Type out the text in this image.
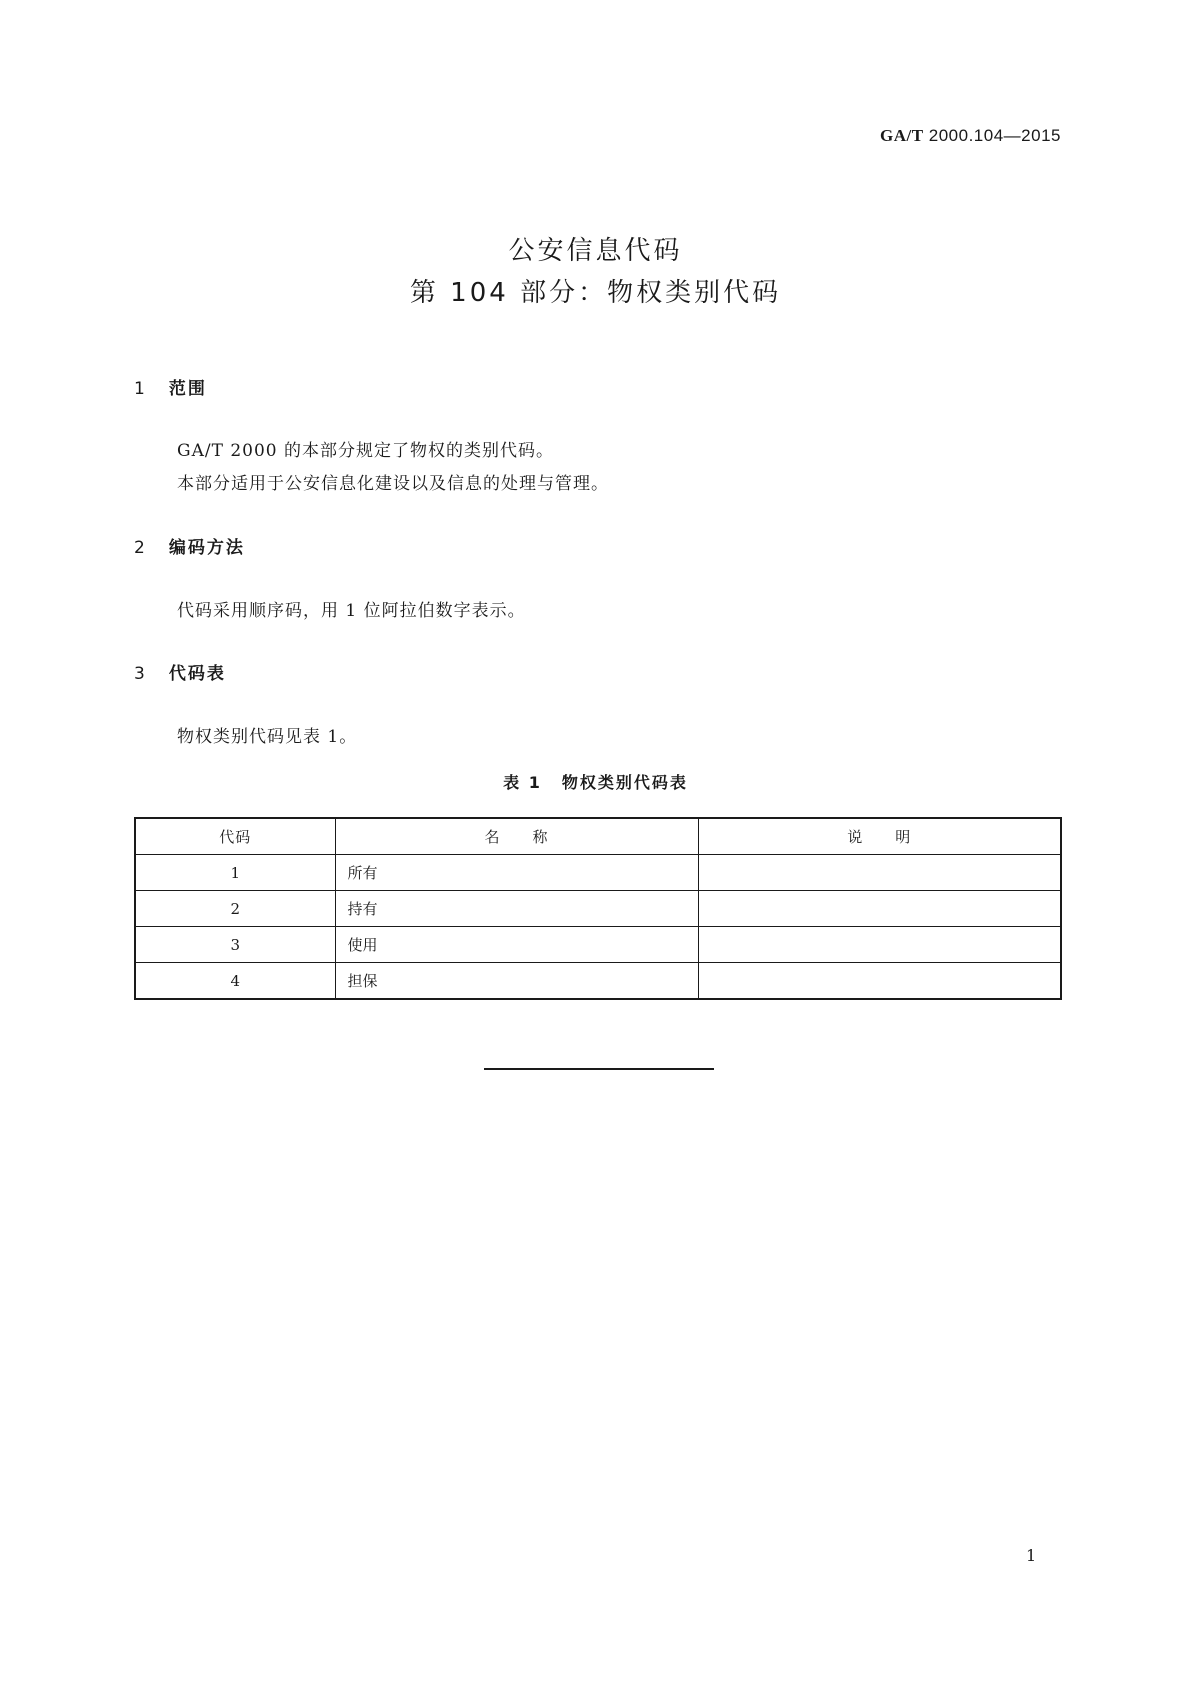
GA/T 2000.104—2015
公安信息代码
第 104 部分：物权类别代码
1 范围
GA/T 2000 的本部分规定了物权的类别代码。
本部分适用于公安信息化建设以及信息的处理与管理。
2 编码方法
代码采用顺序码，用 1 位阿拉伯数字表示。
3 代码表
物权类别代码见表 1。
表 1 物权类别代码表
代码	名　　称	说　　明
1	所有	
2	持有	
3	使用	
4	担保	
1
